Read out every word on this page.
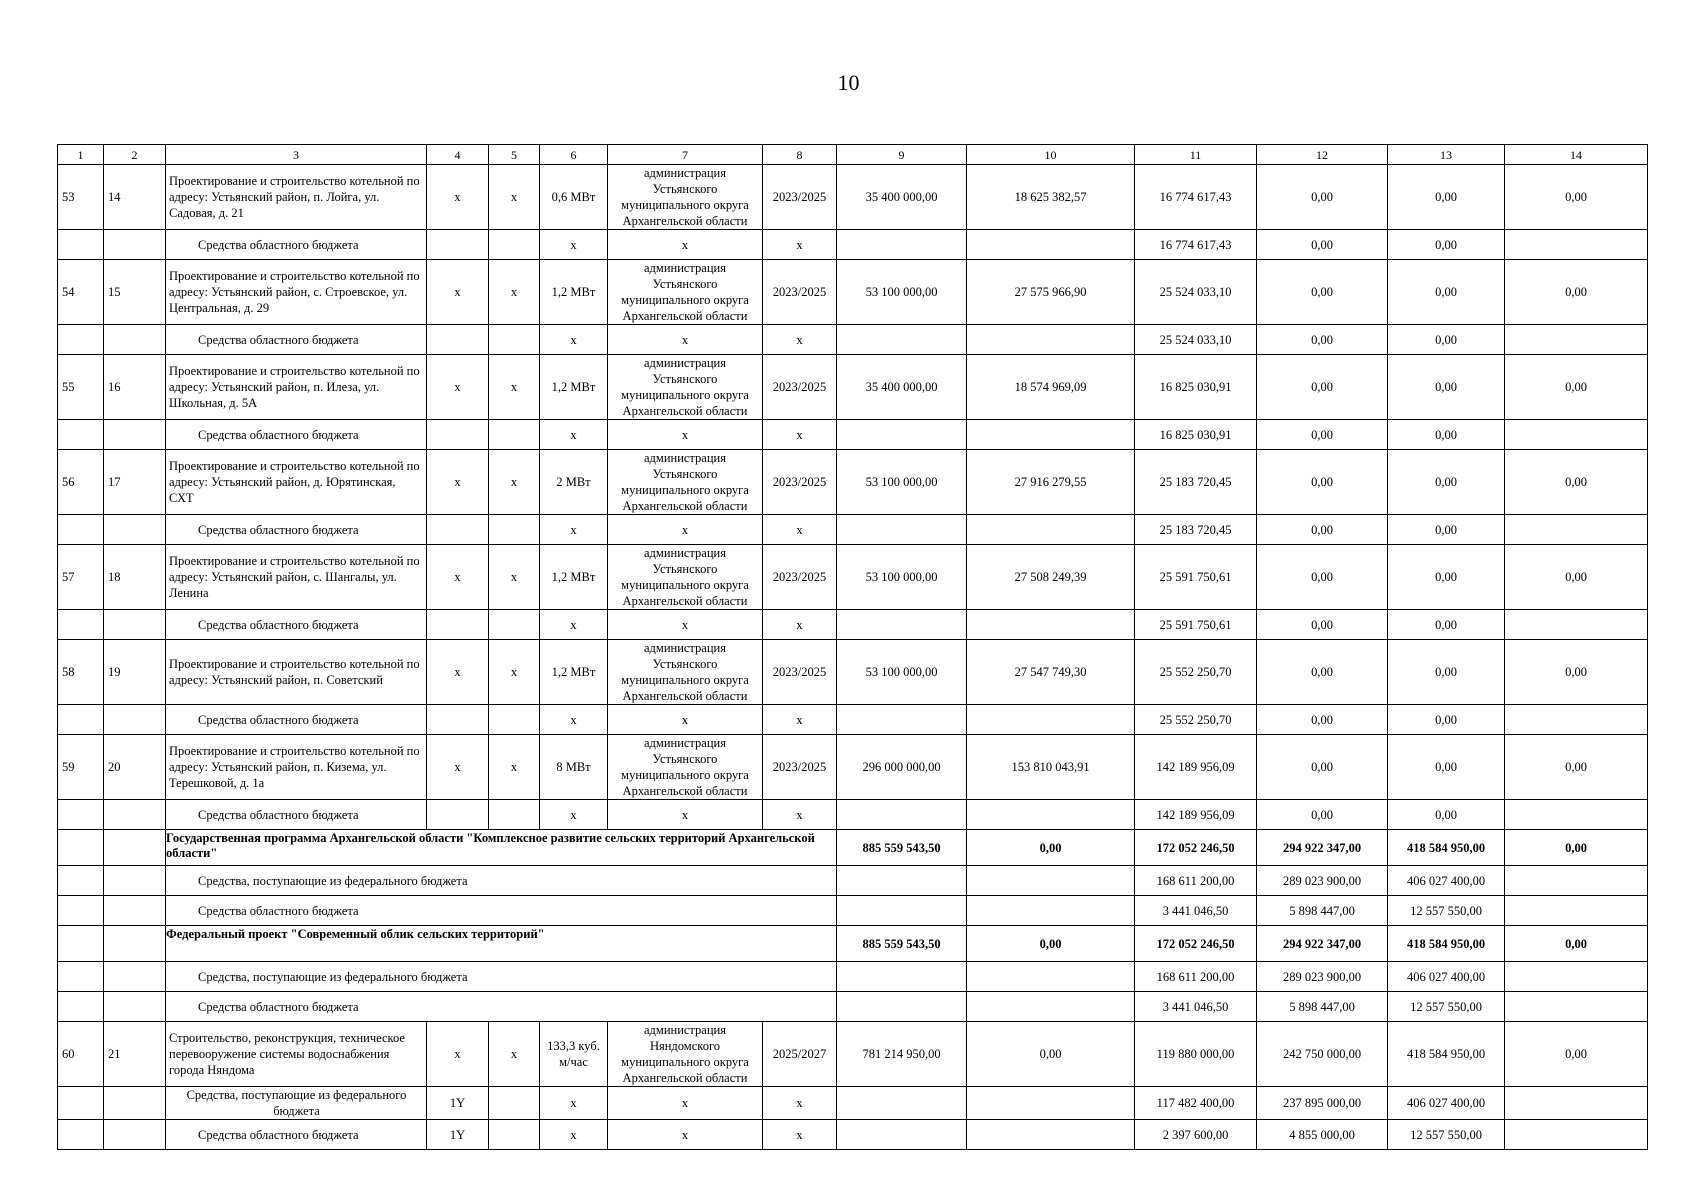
10
1	2	3	4	5	6	7	8	9	10	11	12	13	14
53	14	Проектирование и строительство котельной по адресу: Устьянский район, п. Лойга, ул. Садовая, д. 21	x	x	0,6 МВт	администрация Устьянского муниципального округа Архангельской области	2023/2025	35 400 000,00	18 625 382,57	16 774 617,43	0,00	0,00	0,00
		Средства областного бюджета			x	x	x			16 774 617,43	0,00	0,00	
54	15	Проектирование и строительство котельной по адресу: Устьянский район, с. Строевское, ул. Центральная, д. 29	x	x	1,2 МВт	администрация Устьянского муниципального округа Архангельской области	2023/2025	53 100 000,00	27 575 966,90	25 524 033,10	0,00	0,00	0,00
		Средства областного бюджета			x	x	x			25 524 033,10	0,00	0,00	
55	16	Проектирование и строительство котельной по адресу: Устьянский район, п. Илеза, ул. Школьная, д. 5А	x	x	1,2 МВт	администрация Устьянского муниципального округа Архангельской области	2023/2025	35 400 000,00	18 574 969,09	16 825 030,91	0,00	0,00	0,00
		Средства областного бюджета			x	x	x			16 825 030,91	0,00	0,00	
56	17	Проектирование и строительство котельной по адресу: Устьянский район, д. Юрятинская, СХТ	x	x	2 МВт	администрация Устьянского муниципального округа Архангельской области	2023/2025	53 100 000,00	27 916 279,55	25 183 720,45	0,00	0,00	0,00
		Средства областного бюджета			x	x	x			25 183 720,45	0,00	0,00	
57	18	Проектирование и строительство котельной по адресу: Устьянский район, с. Шангалы, ул. Ленина	x	x	1,2 МВт	администрация Устьянского муниципального округа Архангельской области	2023/2025	53 100 000,00	27 508 249,39	25 591 750,61	0,00	0,00	0,00
		Средства областного бюджета			x	x	x			25 591 750,61	0,00	0,00	
58	19	Проектирование и строительство котельной по адресу: Устьянский район, п. Советский	x	x	1,2 МВт	администрация Устьянского муниципального округа Архангельской области	2023/2025	53 100 000,00	27 547 749,30	25 552 250,70	0,00	0,00	0,00
		Средства областного бюджета			x	x	x			25 552 250,70	0,00	0,00	
59	20	Проектирование и строительство котельной по адресу: Устьянский район, п. Кизема, ул. Терешковой, д. 1а	x	x	8 МВт	администрация Устьянского муниципального округа Архангельской области	2023/2025	296 000 000,00	153 810 043,91	142 189 956,09	0,00	0,00	0,00
		Средства областного бюджета			x	x	x			142 189 956,09	0,00	0,00	
		Государственная программа Архангельской области "Комплексное развитие сельских территорий Архангельской области"						885 559 543,50	0,00	172 052 246,50	294 922 347,00	418 584 950,00	0,00
		Средства, поступающие из федерального бюджета								168 611 200,00	289 023 900,00	406 027 400,00	
		Средства областного бюджета								3 441 046,50	5 898 447,00	12 557 550,00	
		Федеральный проект "Современный облик сельских территорий"						885 559 543,50	0,00	172 052 246,50	294 922 347,00	418 584 950,00	0,00
		Средства, поступающие из федерального бюджета								168 611 200,00	289 023 900,00	406 027 400,00	
		Средства областного бюджета								3 441 046,50	5 898 447,00	12 557 550,00	
60	21	Строительство, реконструкция, техническое перевооружение системы водоснабжения города Няндома	x	x	133,3 куб. м/час	администрация Няндомского муниципального округа Архангельской области	2025/2027	781 214 950,00	0,00	119 880 000,00	242 750 000,00	418 584 950,00	0,00
		Средства, поступающие из федерального бюджета	1Y		x	x	x			117 482 400,00	237 895 000,00	406 027 400,00	
		Средства областного бюджета	1Y		x	x	x			2 397 600,00	4 855 000,00	12 557 550,00	
